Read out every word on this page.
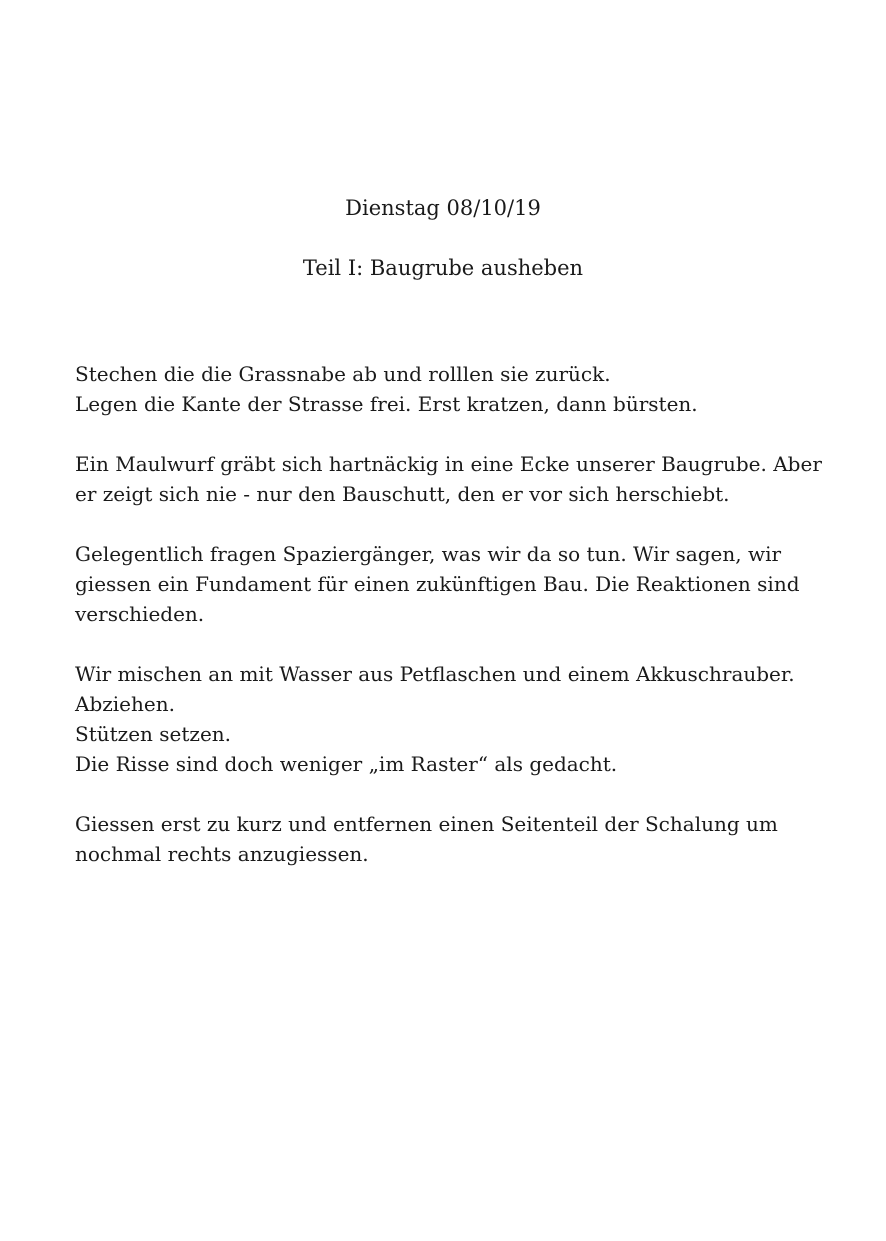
Dienstag 08/10/19
Teil I: Baugrube ausheben

Stechen die die Grassnabe ab und rolllen sie zurück.
Legen die Kante der Strasse frei. Erst kratzen, dann bürsten.

Ein Maulwurf gräbt sich hartnäckig in eine Ecke unserer Baugrube. Aber
er zeigt sich nie - nur den Bauschutt, den er vor sich herschiebt.

Gelegentlich fragen Spaziergänger, was wir da so tun. Wir sagen, wir
giessen ein Fundament für einen zukünftigen Bau. Die Reaktionen sind
verschieden.

Wir mischen an mit Wasser aus Petflaschen und einem Akkuschrauber.
Abziehen.
Stützen setzen.
Die Risse sind doch weniger „im Raster“ als gedacht.

Giessen erst zu kurz und entfernen einen Seitenteil der Schalung um
nochmal rechts anzugiessen.
